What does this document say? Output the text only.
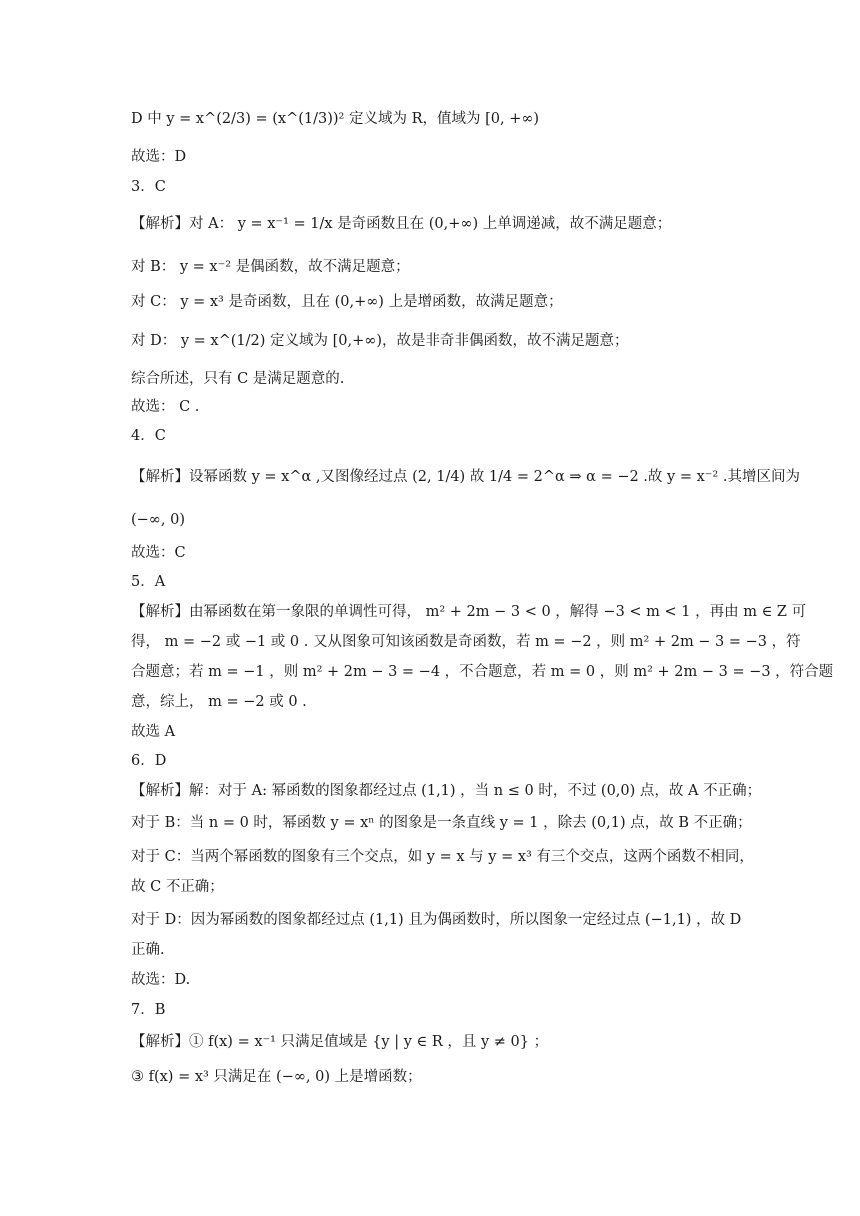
D 中 y = x^(2/3) = (x^(1/3))² 定义域为 R，值域为 [0, +∞)
故选：D
3．C
【解析】对 A： y = x⁻¹ = 1/x 是奇函数且在 (0,+∞) 上单调递减，故不满足题意；
对 B： y = x⁻² 是偶函数，故不满足题意；
对 C： y = x³ 是奇函数，且在 (0,+∞) 上是增函数，故满足题意；
对 D： y = x^(1/2) 定义域为 [0,+∞)，故是非奇非偶函数，故不满足题意；
综合所述，只有 C 是满足题意的.
故选： C .
4．C
【解析】设幂函数 y = x^α ,又图像经过点 (2, 1/4) 故 1/4 = 2^α ⇒ α = −2 .故 y = x⁻² .其增区间为
(−∞, 0)
故选：C
5．A
【解析】由幂函数在第一象限的单调性可得， m² + 2m − 3 < 0 ，解得 −3 < m < 1 ，再由 m ∈ Z 可
得， m = −2 或 −1 或 0 . 又从图象可知该函数是奇函数，若 m = −2 ，则 m² + 2m − 3 = −3 ，符
合题意；若 m = −1 ，则 m² + 2m − 3 = −4 ，不合题意，若 m = 0 ，则 m² + 2m − 3 = −3 ，符合题
意，综上， m = −2 或 0 .
故选 A
6．D
【解析】解：对于 A: 幂函数的图象都经过点 (1,1) ，当 n ≤ 0 时，不过 (0,0) 点，故 A 不正确；
对于 B：当 n = 0 时，幂函数 y = xⁿ 的图象是一条直线 y = 1 ，除去 (0,1) 点，故 B 不正确；
对于 C：当两个幂函数的图象有三个交点，如 y = x 与 y = x³ 有三个交点，这两个函数不相同，
故 C 不正确；
对于 D：因为幂函数的图象都经过点 (1,1) 且为偶函数时，所以图象一定经过点 (−1,1) ，故 D
正确.
故选：D.
7．B
【解析】① f(x) = x⁻¹ 只满足值域是 {y | y ∈ R ，且 y ≠ 0} ；
③ f(x) = x³ 只满足在 (−∞, 0) 上是增函数；
